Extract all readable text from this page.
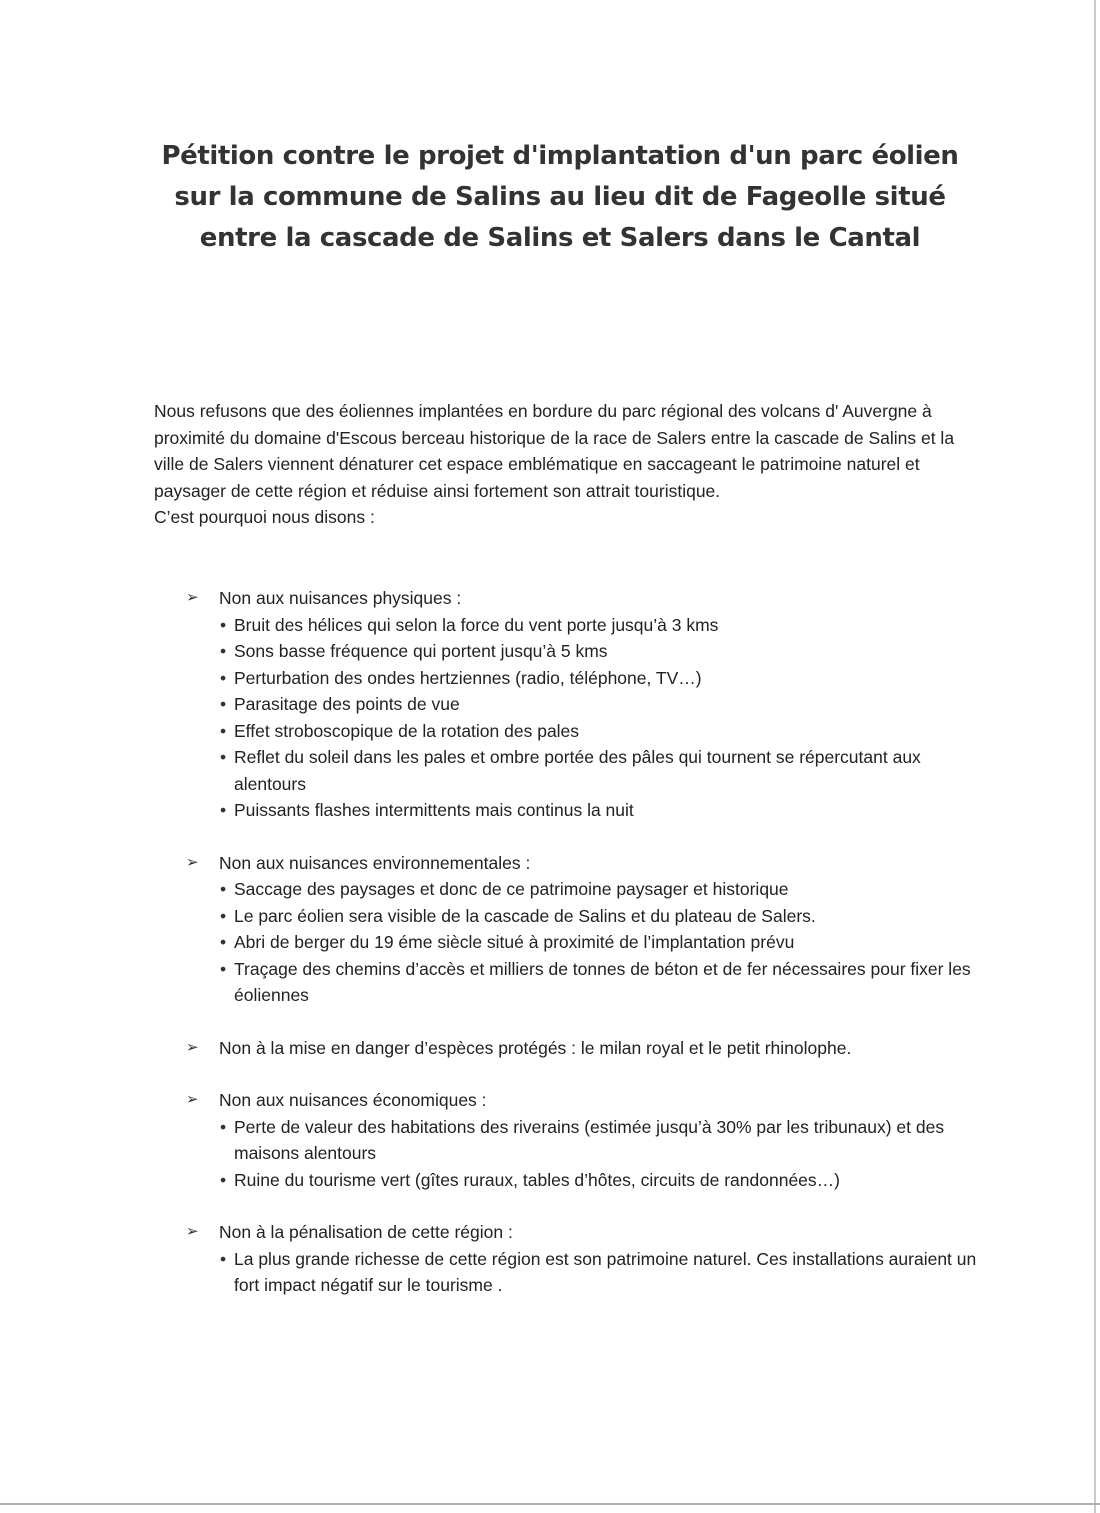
Pétition contre le projet d'implantation d'un parc éolien sur la commune de Salins au lieu dit de Fageolle situé entre la cascade de Salins et Salers dans le Cantal

Nous refusons que des éoliennes implantées en bordure du parc régional des volcans d' Auvergne à proximité du domaine d'Escous berceau historique de la race de Salers entre la cascade de Salins et la ville de Salers viennent dénaturer cet espace emblématique en saccageant le patrimoine naturel et paysager de cette région et réduise ainsi fortement son attrait touristique.

C’est pourquoi nous disons :

➢ Non aux nuisances physiques :
• Bruit des hélices qui selon la force du vent porte jusqu’à 3 kms
• Sons basse fréquence qui portent jusqu’à 5 kms
• Perturbation des ondes hertziennes (radio, téléphone, TV…)
• Parasitage des points de vue
• Effet stroboscopique de la rotation des pales
• Reflet du soleil dans les pales et ombre portée des pâles qui tournent se répercutant aux alentours
• Puissants flashes intermittents mais continus la nuit
➢ Non aux nuisances environnementales :
• Saccage des paysages et donc de ce patrimoine paysager et historique
• Le parc éolien sera visible de la cascade de Salins et du plateau de Salers.
• Abri de berger du 19 éme siècle situé à proximité de l’implantation prévu
• Traçage des chemins d’accès et milliers de tonnes de béton et de fer nécessaires pour fixer les éoliennes
➢ Non à la mise en danger d’espèces protégés : le milan royal et le petit rhinolophe.
➢ Non aux nuisances économiques :
• Perte de valeur des habitations des riverains (estimée jusqu’à 30% par les tribunaux) et des maisons alentours
• Ruine du tourisme vert (gîtes ruraux, tables d’hôtes, circuits de randonnées…)
➢ Non à la pénalisation de cette région :
• La plus grande richesse de cette région est son patrimoine naturel. Ces installations auraient un fort impact négatif sur le tourisme .
